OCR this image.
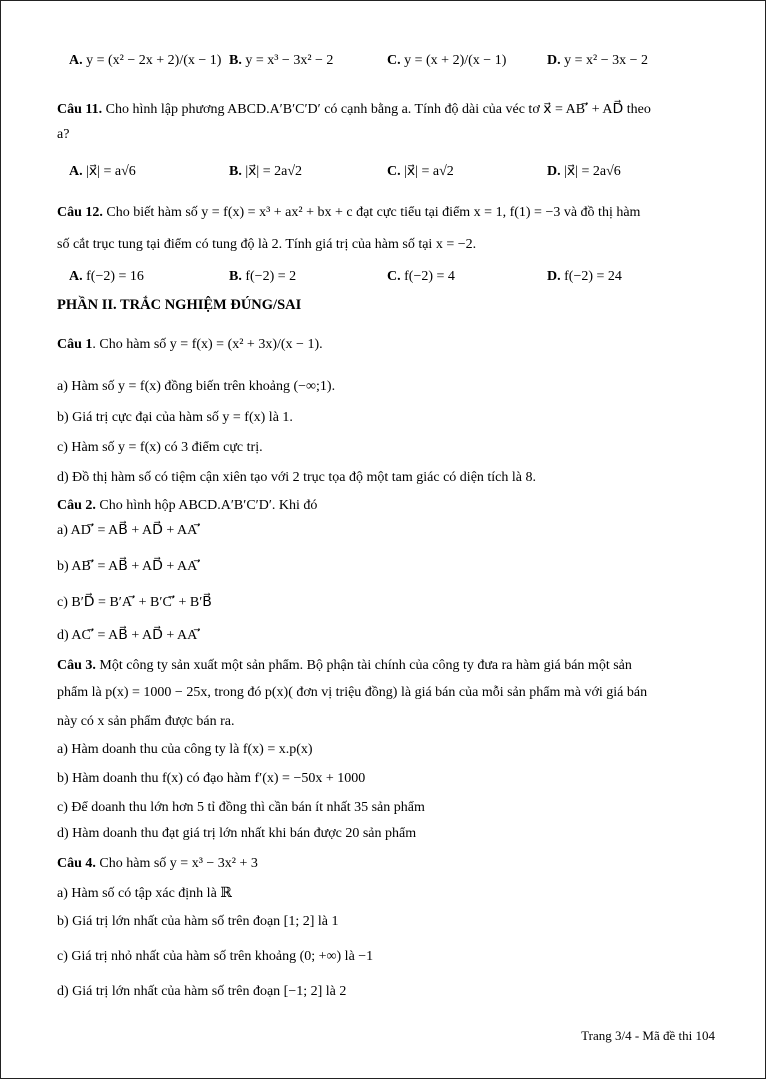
A. y = (x² − 2x + 2)/(x − 1) B. y = x³ − 3x² − 2	C. y = (x + 2)/(x − 1)	D. y = x² − 3x − 2
Câu 11. Cho hình lập phương ABCD.A′B′C′D′ có cạnh bằng a. Tính độ dài của véc tơ x⃗ = AB′⃗ + AD⃗ theo
a?
A. |x⃗| = a√6	B. |x⃗| = 2a√2	C. |x⃗| = a√2	D. |x⃗| = 2a√6
Câu 12. Cho biết hàm số y = f(x) = x³ + ax² + bx + c đạt cực tiểu tại điểm x = 1, f(1) = −3 và đồ thị hàm
số cắt trục tung tại điểm có tung độ là 2. Tính giá trị của hàm số tại x = −2.
A. f(−2) = 16	B. f(−2) = 2	C. f(−2) = 4	D. f(−2) = 24
PHẦN II. TRẮC NGHIỆM ĐÚNG/SAI
Câu 1. Cho hàm số y = f(x) = (x² + 3x)/(x − 1).
a) Hàm số y = f(x) đồng biến trên khoảng (−∞;1).
b) Giá trị cực đại của hàm số y = f(x) là 1.
c) Hàm số y = f(x) có 3 điểm cực trị.
d) Đồ thị hàm số có tiệm cận xiên tạo với 2 trục tọa độ một tam giác có diện tích là 8.
Câu 2. Cho hình hộp ABCD.A′B′C′D′. Khi đó
a) AD′⃗ = AB⃗ + AD⃗ + AA′⃗
b) AB′⃗ = AB⃗ + AD⃗ + AA′⃗
c) B′D⃗ = B′A′⃗ + B′C′⃗ + B′B⃗
d) AC′⃗ = AB⃗ + AD⃗ + AA′⃗
Câu 3. Một công ty sản xuất một sản phẩm. Bộ phận tài chính của công ty đưa ra hàm giá bán một sản
phẩm là p(x) = 1000 − 25x, trong đó p(x)( đơn vị triệu đồng) là giá bán của mỗi sản phẩm mà với giá bán
này có x sản phẩm được bán ra.
a) Hàm doanh thu của công ty là f(x) = x.p(x)
b) Hàm doanh thu f(x) có đạo hàm f′(x) = −50x + 1000
c) Để doanh thu lớn hơn 5 tỉ đồng thì cần bán ít nhất 35 sản phẩm
d) Hàm doanh thu đạt giá trị lớn nhất khi bán được 20 sản phẩm
Câu 4. Cho hàm số y = x³ − 3x² + 3
a) Hàm số có tập xác định là ℝ
b) Giá trị lớn nhất của hàm số trên đoạn [1; 2] là 1
c) Giá trị nhỏ nhất của hàm số trên khoảng (0; +∞) là −1
d) Giá trị lớn nhất của hàm số trên đoạn [−1; 2] là 2
Trang 3/4 - Mã đề thi 104
